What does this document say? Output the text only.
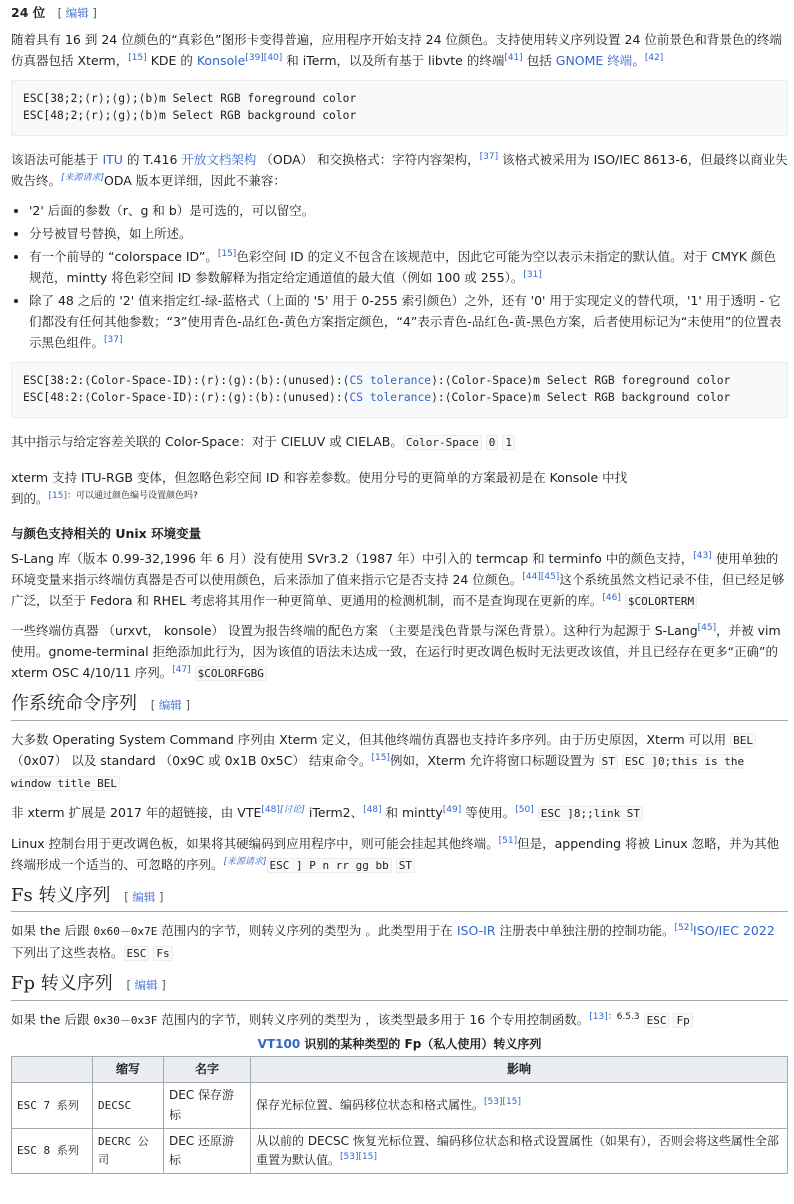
24 位 [ 编辑 ]

随着具有 16 到 24 位颜色的“真彩色”图形卡变得普遍，应用程序开始支持 24 位颜色。支持使用转义序列设置 24 位前景色和背景色的终端仿真器包括 Xterm，[15] KDE 的 Konsole[39][40] 和 iTerm，以及所有基于 libvte 的终端[41] 包括 GNOME 终端。[42]

ESC[38;2;⟨r⟩;⟨g⟩;⟨b⟩m Select RGB foreground color
ESC[48;2;⟨r⟩;⟨g⟩;⟨b⟩m Select RGB background color

该语法可能基于 ITU 的 T.416 开放文档架构 （ODA） 和交换格式：字符内容架构，[37] 该格式被采用为 ISO/IEC 8613-6，但最终以商业失败告终。[来源请求]ODA 版本更详细，因此不兼容：

• '2' 后面的参数（r、g 和 b）是可选的，可以留空。
• 分号被冒号替换，如上所述。
• 有一个前导的 “colorspace ID”。[15]色彩空间 ID 的定义不包含在该规范中，因此它可能为空以表示未指定的默认值。对于 CMYK 颜色规范，mintty 将色彩空间 ID 参数解释为指定给定通道值的最大值（例如 100 或 255）。[31]
• 除了 48 之后的 '2' 值来指定红-绿-蓝格式（上面的 '5' 用于 0-255 索引颜色）之外，还有 '0' 用于实现定义的替代项，'1' 用于透明 - 它们都没有任何其他参数；“3”使用青色-品红色-黄色方案指定颜色，“4”表示青色-品红色-黄-黑色方案，后者使用标记为“未使用”的位置表示黑色组件。[37]
ESC[38:2:⟨Color-Space-ID⟩:⟨r⟩:⟨g⟩:⟨b⟩:⟨unused⟩:⟨CS tolerance⟩:⟨Color-Space⟩m Select RGB foreground color
ESC[48:2:⟨Color-Space-ID⟩:⟨r⟩:⟨g⟩:⟨b⟩:⟨unused⟩:⟨CS tolerance⟩:⟨Color-Space⟩m Select RGB background color

其中指示与给定容差关联的 Color-Space：对于 CIELUV 或 CIELAB。 Color-Space 0 1

xterm 支持 ITU-RGB 变体，但忽略色彩空间 ID 和容差参数。使用分号的更简单的方案最初是在 Konsole 中找到的。$^{[15]:可以通过颜色编号设置颜色吗?}$

与颜色支持相关的 Unix 环境变量

S-Lang 库（版本 0.99-32,1996 年 6 月）没有使用 SVr3.2（1987 年）中引入的 termcap 和 terminfo 中的颜色支持，[43] 使用单独的环境变量来指示终端仿真器是否可以使用颜色，后来添加了值来指示它是否支持 24 位颜色。[44][45]这个系统虽然文档记录不佳，但已经足够广泛，以至于 Fedora 和 RHEL 考虑将其用作一种更简单、更通用的检测机制，而不是查询现在更新的库。[46] $COLORTERM

一些终端仿真器 （urxvt， konsole） 设置为报告终端的配色方案 （主要是浅色背景与深色背景）。这种行为起源于 S-Lang[45]，并被 vim 使用。gnome-terminal 拒绝添加此行为，因为该值的语法未达成一致，在运行时更改调色板时无法更改该值，并且已经存在更多“正确”的 xterm OSC 4/10/11 序列。[47] $COLORFGBG

作系统命令序列 [ 编辑 ]

大多数 Operating System Command 序列由 Xterm 定义，但其他终端仿真器也支持许多序列。由于历史原因，Xterm 可以用 BEL （0x07） 以及 standard （0x9C 或 0x1B 0x5C） 结束命令。[15]例如，Xterm 允许将窗口标题设置为 ST ESC ]0;this is the window title BEL

非 xterm 扩展是 2017 年的超链接，由 VTE[48][讨论] iTerm2、[48] 和 mintty[49] 等使用。[50] ESC ]8;;link ST

Linux 控制台用于更改调色板，如果将其硬编码到应用程序中，则可能会挂起其他终端。[51]但是，appending 将被 Linux 忽略，并为其他终端形成一个适当的、可忽略的序列。[来源请求] ESC ] P n rr gg bb ST

Fs 转义序列 [ 编辑 ]

如果 the 后跟 0x60－0x7E 范围内的字节，则转义序列的类型为 。此类型用于在 ISO-IR 注册表中单独注册的控制功能。[52]ISO/IEC 2022 下列出了这些表格。 ESC Fs

Fp 转义序列 [ 编辑 ]

如果 the 后跟 0x30－0x3F 范围内的字节，则转义序列的类型为 ，该类型最多用于 16 个专用控制函数。$^{[13]:6.5.3}$ ESC Fp

VT100 识别的某种类型的 Fp（私人使用）转义序列
	缩写	名字	影响
ESC 7 系列	DECSC	DEC 保存游标	保存光标位置、编码移位状态和格式属性。[53][15]
ESC 8 系列	DECRC 公司	DEC 还原游标	从以前的 DECSC 恢复光标位置、编码移位状态和格式设置属性（如果有），否则会将这些属性全部重置为默认值。[53][15]
